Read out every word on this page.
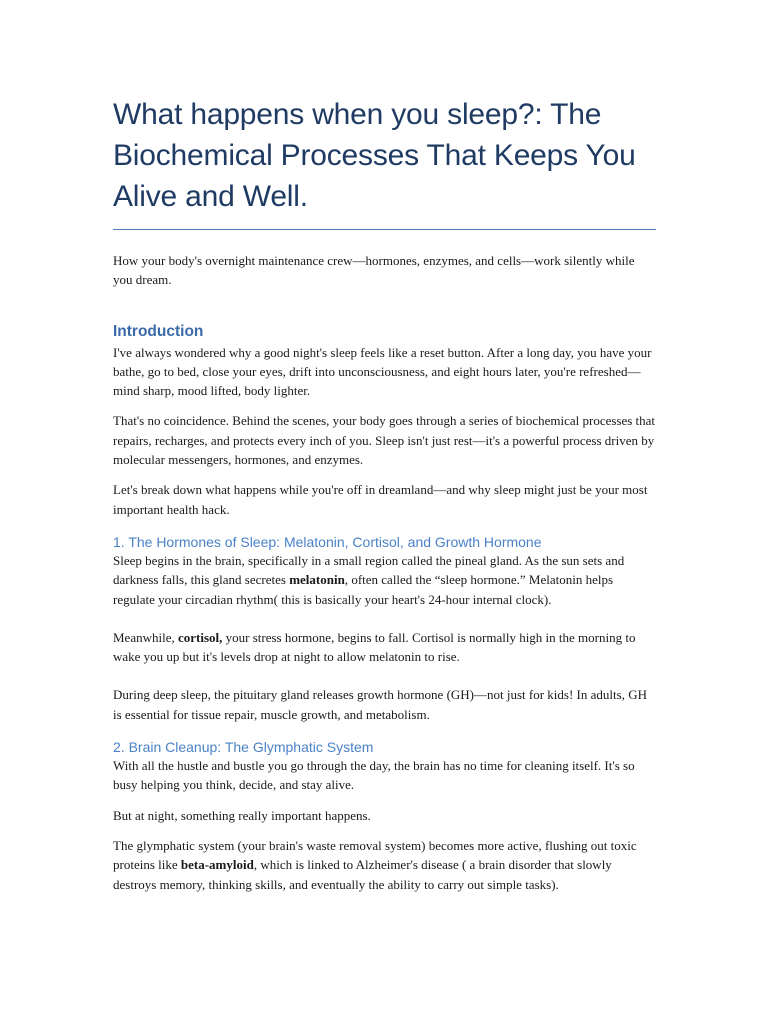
What happens when you sleep?: The Biochemical Processes That Keeps You Alive and Well.

How your body's overnight maintenance crew—hormones, enzymes, and cells—work silently while you dream.

Introduction

I've always wondered why a good night's sleep feels like a reset button. After a long day, you have your bathe, go to bed, close your eyes, drift into unconsciousness, and eight hours later, you're refreshed—mind sharp, mood lifted, body lighter.

That's no coincidence. Behind the scenes, your body goes through a series of biochemical processes that repairs, recharges, and protects every inch of you. Sleep isn't just rest—it's a powerful process driven by molecular messengers, hormones, and enzymes.

Let's break down what happens while you're off in dreamland—and why sleep might just be your most important health hack.

1. The Hormones of Sleep: Melatonin, Cortisol, and Growth Hormone

Sleep begins in the brain, specifically in a small region called the pineal gland. As the sun sets and darkness falls, this gland secretes melatonin, often called the “sleep hormone.” Melatonin helps regulate your circadian rhythm( this is basically your heart's 24-hour internal clock).

Meanwhile, cortisol, your stress hormone, begins to fall. Cortisol is normally high in the morning to wake you up but it's levels drop at night to allow melatonin to rise.

During deep sleep, the pituitary gland releases growth hormone (GH)—not just for kids! In adults, GH is essential for tissue repair, muscle growth, and metabolism.

2. Brain Cleanup: The Glymphatic System

With all the hustle and bustle you go through the day, the brain has no time for cleaning itself. It's so busy helping you think, decide, and stay alive.

But at night, something really important happens.

The glymphatic system (your brain's waste removal system) becomes more active, flushing out toxic proteins like beta-amyloid, which is linked to Alzheimer's disease ( a brain disorder that slowly destroys memory, thinking skills, and eventually the ability to carry out simple tasks).
